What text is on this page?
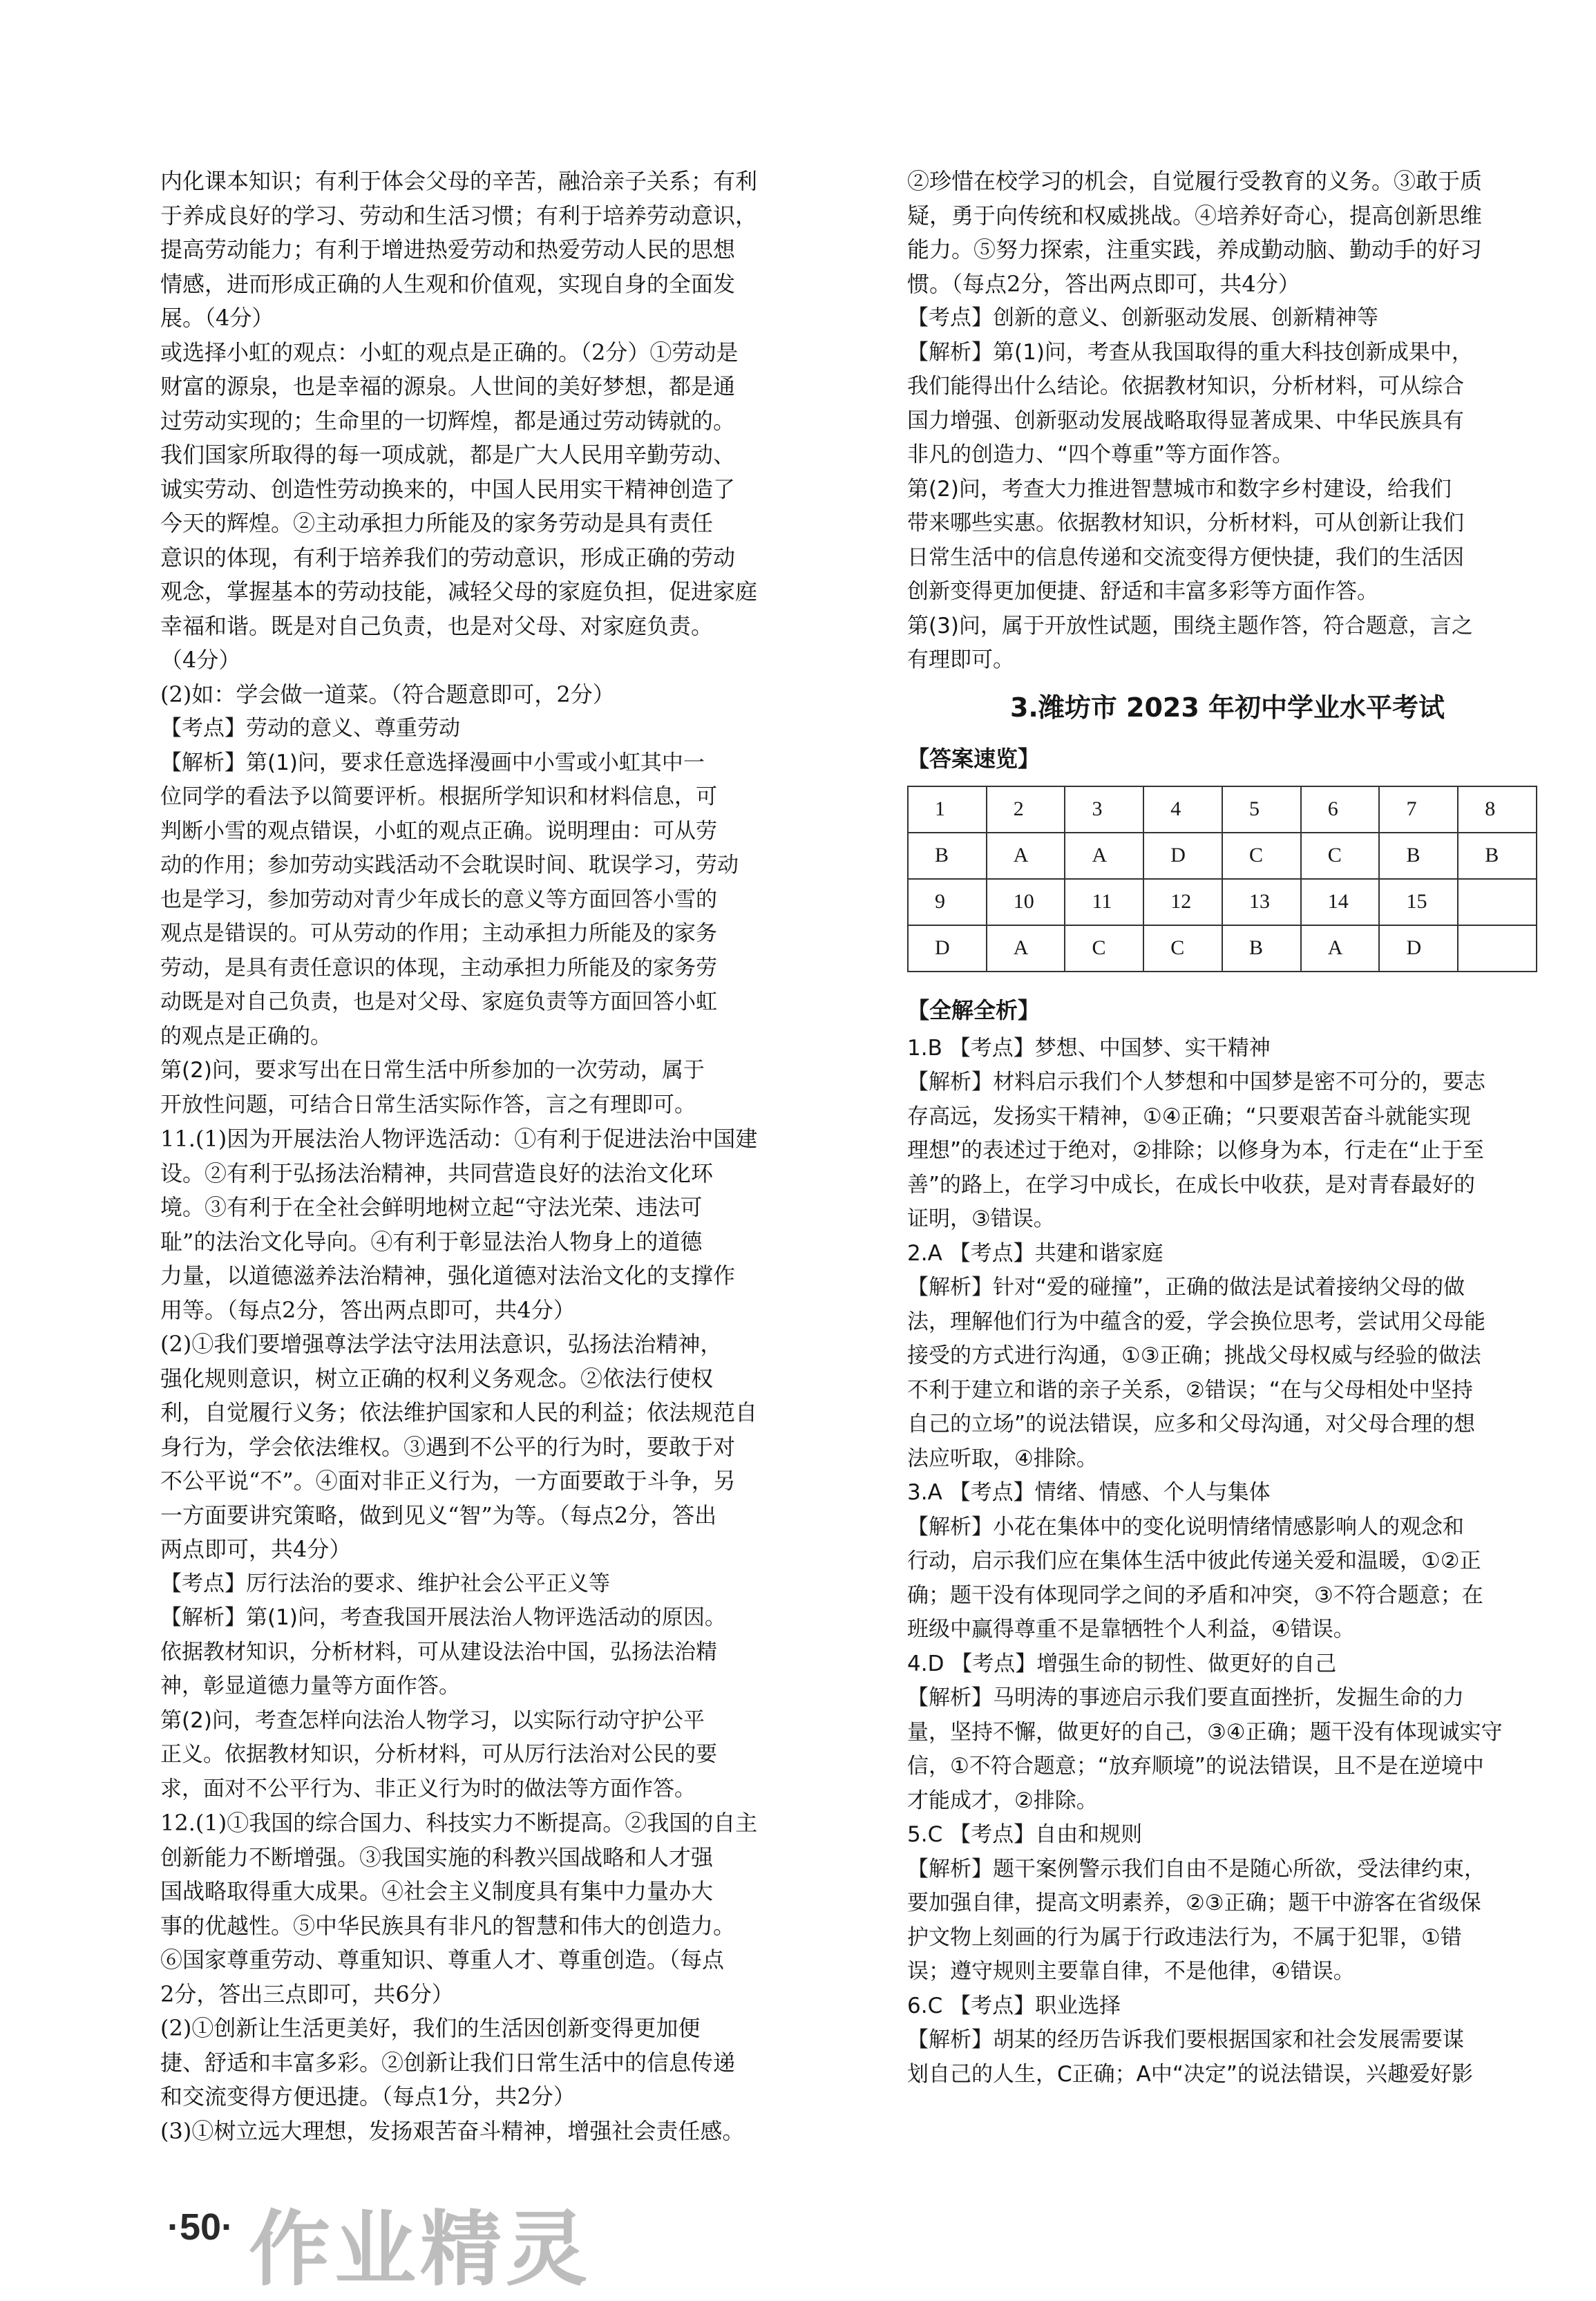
内化课本知识；有利于体会父母的辛苦，融洽亲子关系；有利
于养成良好的学习、劳动和生活习惯；有利于培养劳动意识，
提高劳动能力；有利于增进热爱劳动和热爱劳动人民的思想
情感，进而形成正确的人生观和价值观，实现自身的全面发
展。（4分）
或选择小虹的观点：小虹的观点是正确的。（2分）①劳动是
财富的源泉，也是幸福的源泉。人世间的美好梦想，都是通
过劳动实现的；生命里的一切辉煌，都是通过劳动铸就的。
我们国家所取得的每一项成就，都是广大人民用辛勤劳动、
诚实劳动、创造性劳动换来的，中国人民用实干精神创造了
今天的辉煌。②主动承担力所能及的家务劳动是具有责任
意识的体现，有利于培养我们的劳动意识，形成正确的劳动
观念，掌握基本的劳动技能，减轻父母的家庭负担，促进家庭
幸福和谐。既是对自己负责，也是对父母、对家庭负责。
（4分）
(2)如：学会做一道菜。（符合题意即可，2分）
【考点】劳动的意义、尊重劳动
【解析】第(1)问，要求任意选择漫画中小雪或小虹其中一
位同学的看法予以简要评析。根据所学知识和材料信息，可
判断小雪的观点错误，小虹的观点正确。说明理由：可从劳
动的作用；参加劳动实践活动不会耽误时间、耽误学习，劳动
也是学习，参加劳动对青少年成长的意义等方面回答小雪的
观点是错误的。可从劳动的作用；主动承担力所能及的家务
劳动，是具有责任意识的体现，主动承担力所能及的家务劳
动既是对自己负责，也是对父母、家庭负责等方面回答小虹
的观点是正确的。
第(2)问，要求写出在日常生活中所参加的一次劳动，属于
开放性问题，可结合日常生活实际作答，言之有理即可。
11.(1)因为开展法治人物评选活动：①有利于促进法治中国建
设。②有利于弘扬法治精神，共同营造良好的法治文化环
境。③有利于在全社会鲜明地树立起“守法光荣、违法可
耻”的法治文化导向。④有利于彰显法治人物身上的道德
力量，以道德滋养法治精神，强化道德对法治文化的支撑作
用等。（每点2分，答出两点即可，共4分）
(2)①我们要增强尊法学法守法用法意识，弘扬法治精神，
强化规则意识，树立正确的权利义务观念。②依法行使权
利，自觉履行义务；依法维护国家和人民的利益；依法规范自
身行为，学会依法维权。③遇到不公平的行为时，要敢于对
不公平说“不”。④面对非正义行为，一方面要敢于斗争，另
一方面要讲究策略，做到见义“智”为等。（每点2分，答出
两点即可，共4分）
【考点】厉行法治的要求、维护社会公平正义等
【解析】第(1)问，考查我国开展法治人物评选活动的原因。
依据教材知识，分析材料，可从建设法治中国，弘扬法治精
神，彰显道德力量等方面作答。
第(2)问，考查怎样向法治人物学习，以实际行动守护公平
正义。依据教材知识，分析材料，可从厉行法治对公民的要
求，面对不公平行为、非正义行为时的做法等方面作答。
12.(1)①我国的综合国力、科技实力不断提高。②我国的自主
创新能力不断增强。③我国实施的科教兴国战略和人才强
国战略取得重大成果。④社会主义制度具有集中力量办大
事的优越性。⑤中华民族具有非凡的智慧和伟大的创造力。
⑥国家尊重劳动、尊重知识、尊重人才、尊重创造。（每点
2分，答出三点即可，共6分）
(2)①创新让生活更美好，我们的生活因创新变得更加便
捷、舒适和丰富多彩。②创新让我们日常生活中的信息传递
和交流变得方便迅捷。（每点1分，共2分）
(3)①树立远大理想，发扬艰苦奋斗精神，增强社会责任感。
②珍惜在校学习的机会，自觉履行受教育的义务。③敢于质
疑，勇于向传统和权威挑战。④培养好奇心，提高创新思维
能力。⑤努力探索，注重实践，养成勤动脑、勤动手的好习
惯。（每点2分，答出两点即可，共4分）
【考点】创新的意义、创新驱动发展、创新精神等
【解析】第(1)问，考查从我国取得的重大科技创新成果中，
我们能得出什么结论。依据教材知识，分析材料，可从综合
国力增强、创新驱动发展战略取得显著成果、中华民族具有
非凡的创造力、“四个尊重”等方面作答。
第(2)问，考查大力推进智慧城市和数字乡村建设，给我们
带来哪些实惠。依据教材知识，分析材料，可从创新让我们
日常生活中的信息传递和交流变得方便快捷，我们的生活因
创新变得更加便捷、舒适和丰富多彩等方面作答。
第(3)问，属于开放性试题，围绕主题作答，符合题意，言之
有理即可。
3.潍坊市 2023 年初中学业水平考试
【答案速览】
1	2	3	4	5	6	7	8
B	A	A	D	C	C	B	B
9	10	11	12	13	14	15	
D	A	C	C	B	A	D	
【全解全析】
1.B 【考点】梦想、中国梦、实干精神
【解析】材料启示我们个人梦想和中国梦是密不可分的，要志
存高远，发扬实干精神，①④正确；“只要艰苦奋斗就能实现
理想”的表述过于绝对，②排除；以修身为本，行走在“止于至
善”的路上，在学习中成长，在成长中收获，是对青春最好的
证明，③错误。
2.A 【考点】共建和谐家庭
【解析】针对“爱的碰撞”，正确的做法是试着接纳父母的做
法，理解他们行为中蕴含的爱，学会换位思考，尝试用父母能
接受的方式进行沟通，①③正确；挑战父母权威与经验的做法
不利于建立和谐的亲子关系，②错误；“在与父母相处中坚持
自己的立场”的说法错误，应多和父母沟通，对父母合理的想
法应听取，④排除。
3.A 【考点】情绪、情感、个人与集体
【解析】小花在集体中的变化说明情绪情感影响人的观念和
行动，启示我们应在集体生活中彼此传递关爱和温暖，①②正
确；题干没有体现同学之间的矛盾和冲突，③不符合题意；在
班级中赢得尊重不是靠牺牲个人利益，④错误。
4.D 【考点】增强生命的韧性、做更好的自己
【解析】马明涛的事迹启示我们要直面挫折，发掘生命的力
量，坚持不懈，做更好的自己，③④正确；题干没有体现诚实守
信，①不符合题意；“放弃顺境”的说法错误，且不是在逆境中
才能成才，②排除。
5.C 【考点】自由和规则
【解析】题干案例警示我们自由不是随心所欲，受法律约束，
要加强自律，提高文明素养，②③正确；题干中游客在省级保
护文物上刻画的行为属于行政违法行为，不属于犯罪，①错
误；遵守规则主要靠自律，不是他律，④错误。
6.C 【考点】职业选择
【解析】胡某的经历告诉我们要根据国家和社会发展需要谋
划自己的人生，C正确；A中“决定”的说法错误，兴趣爱好影
·50· 作业精灵
